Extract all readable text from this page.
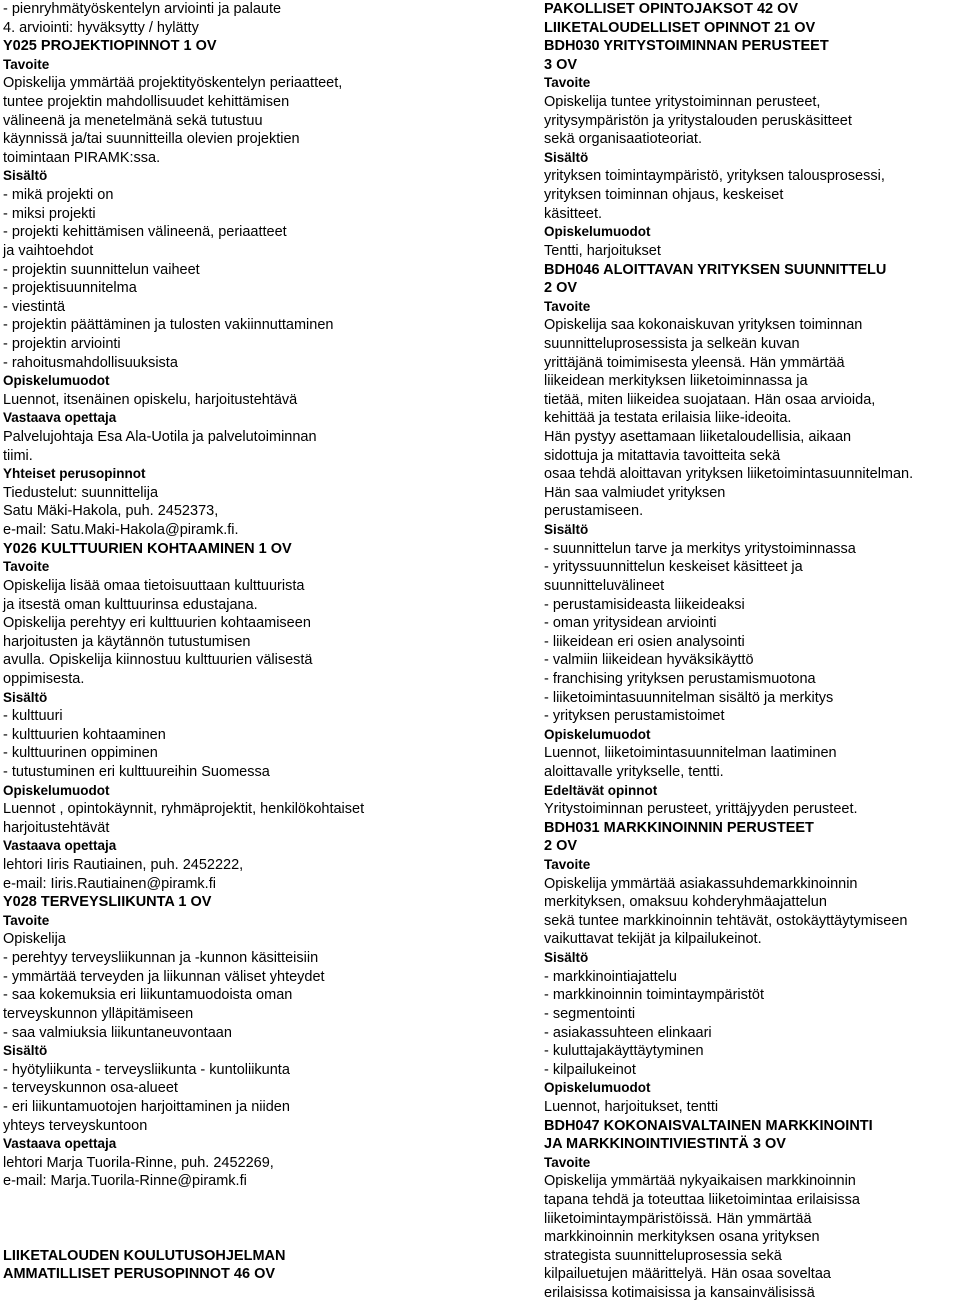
- pienryhmätyöskentelyn arviointi ja palaute
4. arviointi: hyväksytty / hylätty
Y025 PROJEKTIOPINNOT 1 OV
Tavoite
Opiskelija ymmärtää projektityöskentelyn periaatteet,
tuntee projektin mahdollisuudet kehittämisen
välineenä ja menetelmänä sekä tutustuu
käynnissä ja/tai suunnitteilla olevien projektien
toimintaan PIRAMK:ssa.
Sisältö
- mikä projekti on
- miksi projekti
- projekti kehittämisen välineenä, periaatteet
ja vaihtoehdot
- projektin suunnittelun vaiheet
- projektisuunnitelma
- viestintä
- projektin päättäminen ja tulosten vakiinnuttaminen
- projektin arviointi
- rahoitusmahdollisuuksista
Opiskelumuodot
Luennot, itsenäinen opiskelu, harjoitustehtävä
Vastaava opettaja
Palvelujohtaja Esa Ala-Uotila ja palvelutoiminnan
tiimi.
Yhteiset perusopinnot
Tiedustelut: suunnittelija
Satu Mäki-Hakola, puh. 2452373,
e-mail: Satu.Maki-Hakola@piramk.fi.
Y026 KULTTUURIEN KOHTAAMINEN 1 OV
Tavoite
Opiskelija lisää omaa tietoisuuttaan kulttuurista
ja itsestä oman kulttuurinsa edustajana.
Opiskelija perehtyy eri kulttuurien kohtaamiseen
harjoitusten ja käytännön tutustumisen
avulla. Opiskelija kiinnostuu kulttuurien välisestä
oppimisesta.
Sisältö
- kulttuuri
- kulttuurien kohtaaminen
- kulttuurinen oppiminen
- tutustuminen eri kulttuureihin Suomessa
Opiskelumuodot
Luennot , opintokäynnit, ryhmäprojektit, henkilökohtaiset
harjoitustehtävät
Vastaava opettaja
lehtori Iiris Rautiainen, puh. 2452222,
e-mail: Iiris.Rautiainen@piramk.fi
Y028 TERVEYSLIIKUNTA 1 OV
Tavoite
Opiskelija
- perehtyy terveysliikunnan ja -kunnon käsitteisiin
- ymmärtää terveyden ja liikunnan väliset yhteydet
- saa kokemuksia eri liikuntamuodoista oman
terveyskunnon ylläpitämiseen
- saa valmiuksia liikuntaneuvontaan
Sisältö
- hyötyliikunta - terveysliikunta - kuntoliikunta
- terveyskunnon osa-alueet
- eri liikuntamuotojen harjoittaminen ja niiden
yhteys terveyskuntoon
Vastaava opettaja
lehtori Marja Tuorila-Rinne, puh. 2452269,
e-mail: Marja.Tuorila-Rinne@piramk.fi
LIIKETALOUDEN KOULUTUSOHJELMAN
AMMATILLISET PERUSOPINNOT 46 OV
PAKOLLISET OPINTOJAKSOT 42 OV
LIIKETALOUDELLISET OPINNOT 21 OV
BDH030 YRITYSTOIMINNAN PERUSTEET
3 OV
Tavoite
Opiskelija tuntee yritystoiminnan perusteet,
yritysympäristön ja yritystalouden peruskäsitteet
sekä organisaatioteoriat.
Sisältö
yrityksen toimintaympäristö, yrityksen talousprosessi,
yrityksen toiminnan ohjaus, keskeiset
käsitteet.
Opiskelumuodot
Tentti, harjoitukset
BDH046 ALOITTAVAN YRITYKSEN SUUNNITTELU
2 OV
Tavoite
Opiskelija saa kokonaiskuvan yrityksen toiminnan
suunnitteluprosessista ja selkeän kuvan
yrittäjänä toimimisesta yleensä. Hän ymmärtää
liikeidean merkityksen liiketoiminnassa ja
tietää, miten liikeidea suojataan. Hän osaa arvioida,
kehittää ja testata erilaisia liike-ideoita.
Hän pystyy asettamaan liiketaloudellisia, aikaan
sidottuja ja mitattavia tavoitteita sekä
osaa tehdä aloittavan yrityksen liiketoimintasuunnitelman.
Hän saa valmiudet yrityksen
perustamiseen.
Sisältö
- suunnittelun tarve ja merkitys yritystoiminnassa
- yrityssuunnittelun keskeiset käsitteet ja
suunnitteluvälineet
- perustamisideasta liikeideaksi
- oman yritysidean arviointi
- liikeidean eri osien analysointi
- valmiin liikeidean hyväksikäyttö
- franchising yrityksen perustamismuotona
- liiketoimintasuunnitelman sisältö ja merkitys
- yrityksen perustamistoimet
Opiskelumuodot
Luennot, liiketoimintasuunnitelman laatiminen
aloittavalle yritykselle, tentti.
Edeltävät opinnot
Yritystoiminnan perusteet, yrittäjyyden perusteet.
BDH031 MARKKINOINNIN PERUSTEET
2 OV
Tavoite
Opiskelija ymmärtää asiakassuhdemarkkinoinnin
merkityksen, omaksuu kohderyhmäajattelun
sekä tuntee markkinoinnin tehtävät, ostokäyttäytymiseen
vaikuttavat tekijät ja kilpailukeinot.
Sisältö
- markkinointiajattelu
- markkinoinnin toimintaympäristöt
- segmentointi
- asiakassuhteen elinkaari
- kuluttajakäyttäytyminen
- kilpailukeinot
Opiskelumuodot
Luennot, harjoitukset, tentti
BDH047 KOKONAISVALTAINEN MARKKINOINTI
JA MARKKINOINTIVIESTINTÄ 3 OV
Tavoite
Opiskelija ymmärtää nykyaikaisen markkinoinnin
tapana tehdä ja toteuttaa liiketoimintaa erilaisissa
liiketoimintaympäristöissä. Hän ymmärtää
markkinoinnin merkityksen osana yrityksen
strategista suunnitteluprosessia sekä
kilpailuetujen määrittelyä. Hän osaa soveltaa
erilaisissa kotimaisissa ja kansainvälisissä
